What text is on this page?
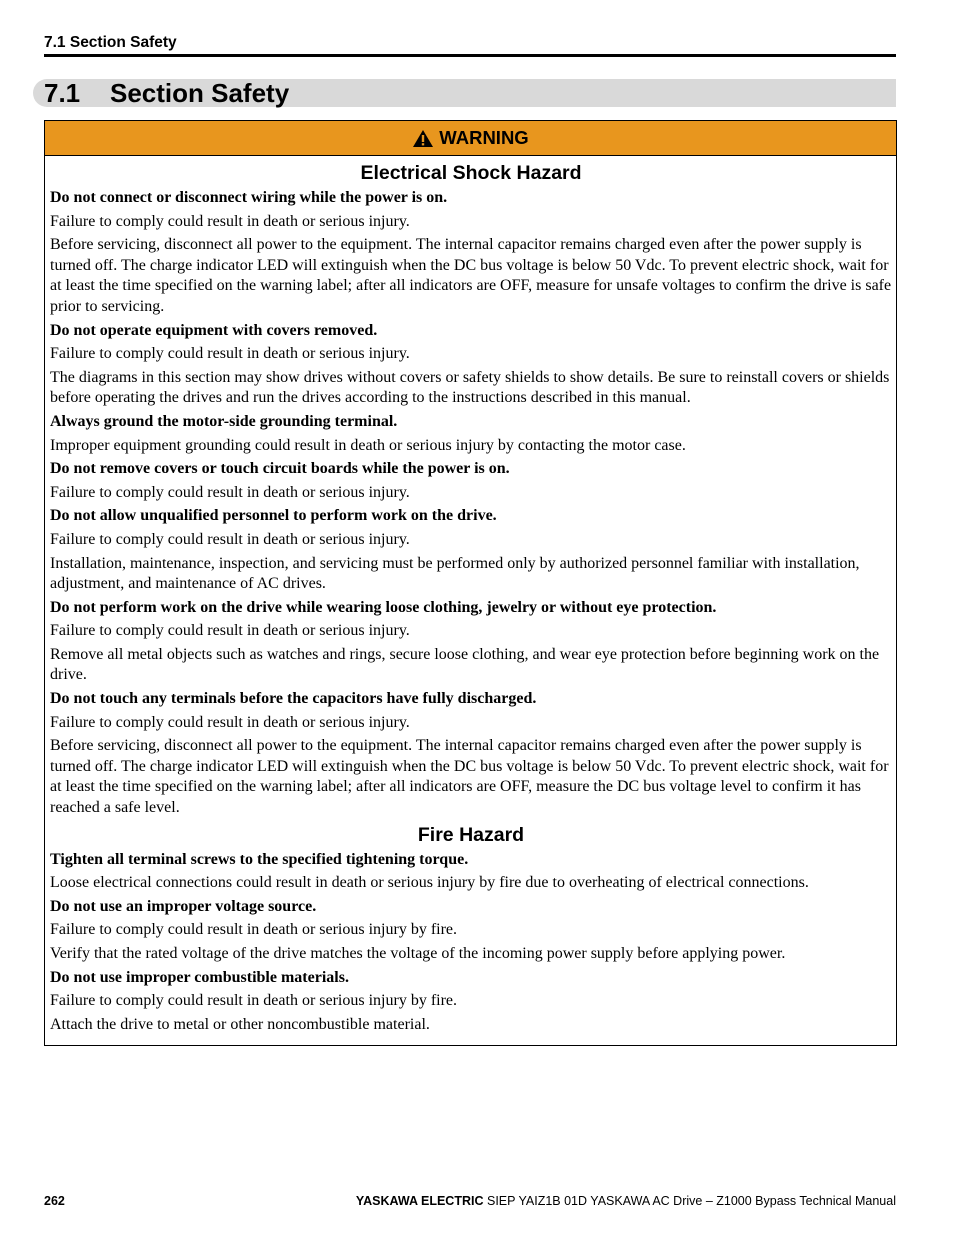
7.1 Section Safety
7.1 Section Safety
WARNING
Electrical Shock Hazard

Do not connect or disconnect wiring while the power is on.

Failure to comply could result in death or serious injury.

Before servicing, disconnect all power to the equipment. The internal capacitor remains charged even after the power supply is turned off. The charge indicator LED will extinguish when the DC bus voltage is below 50 Vdc. To prevent electric shock, wait for at least the time specified on the warning label; after all indicators are OFF, measure for unsafe voltages to confirm the drive is safe prior to servicing.

Do not operate equipment with covers removed.

Failure to comply could result in death or serious injury.

The diagrams in this section may show drives without covers or safety shields to show details. Be sure to reinstall covers or shields before operating the drives and run the drives according to the instructions described in this manual.

Always ground the motor-side grounding terminal.

Improper equipment grounding could result in death or serious injury by contacting the motor case.

Do not remove covers or touch circuit boards while the power is on.

Failure to comply could result in death or serious injury.

Do not allow unqualified personnel to perform work on the drive.

Failure to comply could result in death or serious injury.

Installation, maintenance, inspection, and servicing must be performed only by authorized personnel familiar with installation, adjustment, and maintenance of AC drives.

Do not perform work on the drive while wearing loose clothing, jewelry or without eye protection.

Failure to comply could result in death or serious injury.

Remove all metal objects such as watches and rings, secure loose clothing, and wear eye protection before beginning work on the drive.

Do not touch any terminals before the capacitors have fully discharged.

Failure to comply could result in death or serious injury.

Before servicing, disconnect all power to the equipment. The internal capacitor remains charged even after the power supply is turned off. The charge indicator LED will extinguish when the DC bus voltage is below 50 Vdc. To prevent electric shock, wait for at least the time specified on the warning label; after all indicators are OFF, measure the DC bus voltage level to confirm it has reached a safe level.

Fire Hazard

Tighten all terminal screws to the specified tightening torque.

Loose electrical connections could result in death or serious injury by fire due to overheating of electrical connections.

Do not use an improper voltage source.

Failure to comply could result in death or serious injury by fire.

Verify that the rated voltage of the drive matches the voltage of the incoming power supply before applying power.

Do not use improper combustible materials.

Failure to comply could result in death or serious injury by fire.

Attach the drive to metal or other noncombustible material.

262	YASKAWA ELECTRIC SIEP YAIZ1B 01D YASKAWA AC Drive – Z1000 Bypass Technical Manual
